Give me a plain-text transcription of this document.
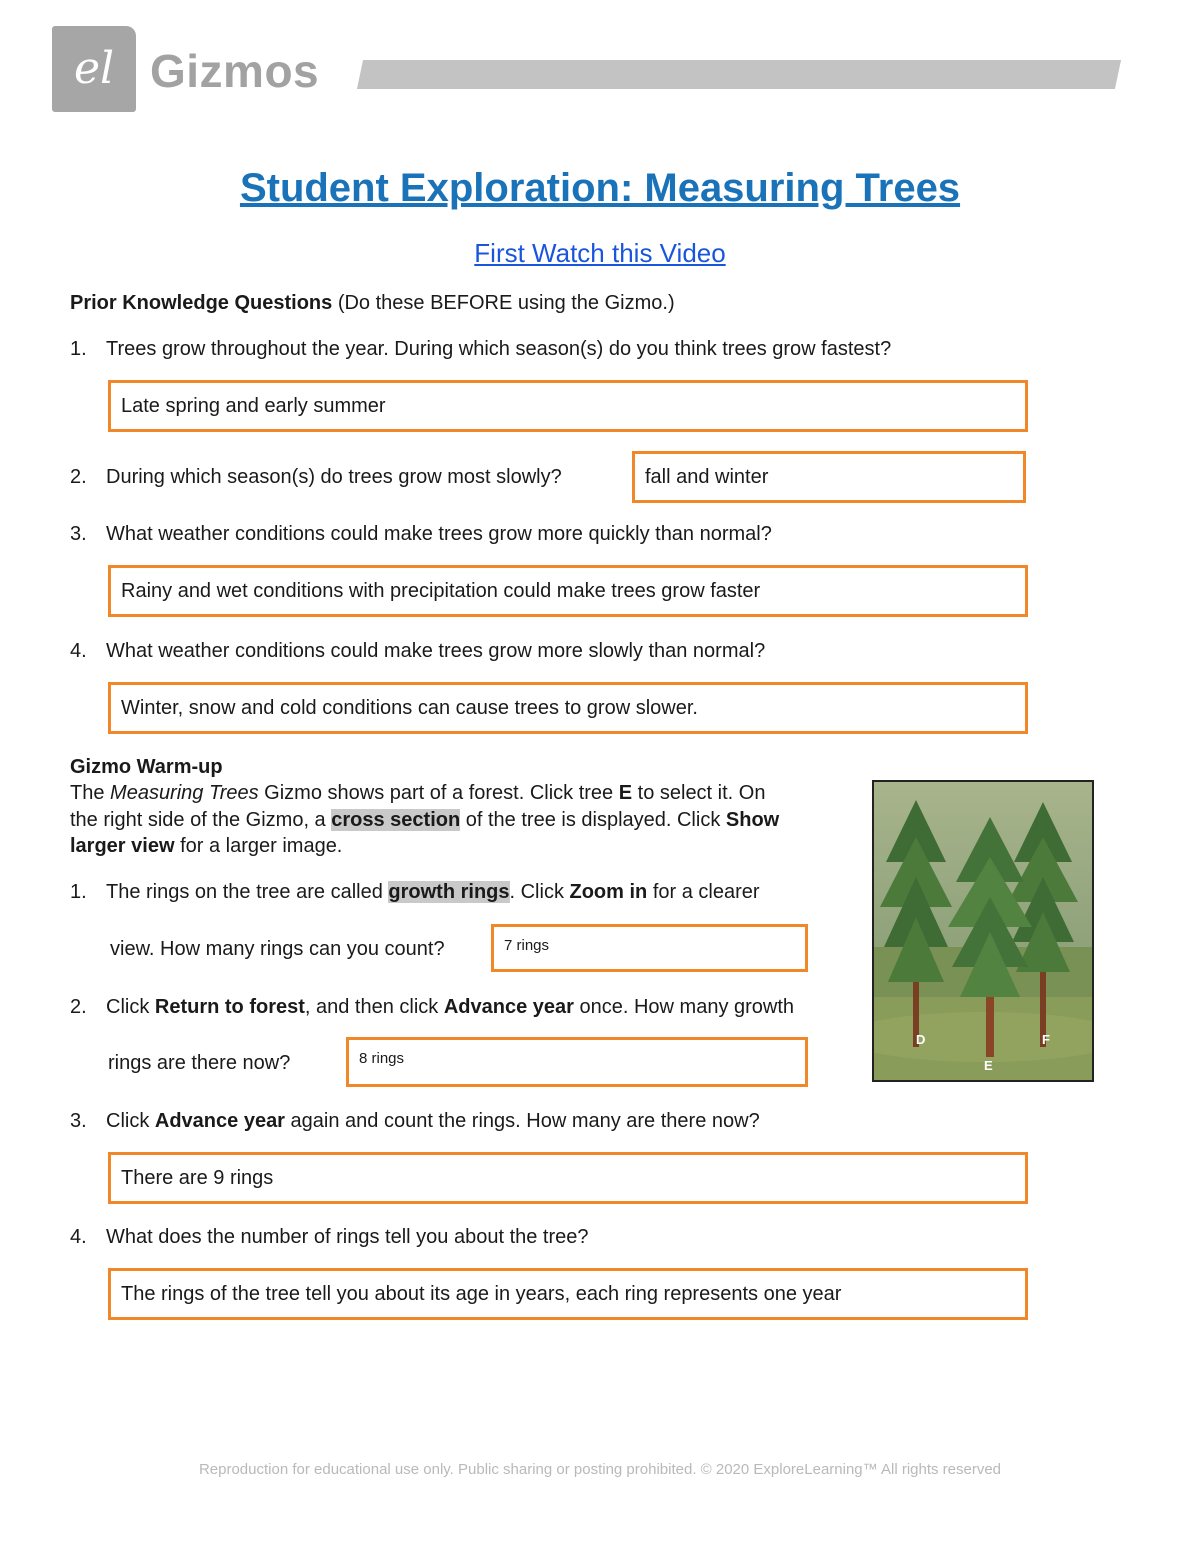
el Gizmos
Student Exploration: Measuring Trees
First Watch this Video
Prior Knowledge Questions (Do these BEFORE using the Gizmo.)
1. Trees grow throughout the year. During which season(s) do you think trees grow fastest?
Late spring and early summer
2. During which season(s) do trees grow most slowly?	fall and winter
3. What weather conditions could make trees grow more quickly than normal?
Rainy and wet conditions with precipitation could make trees grow faster
4. What weather conditions could make trees grow more slowly than normal?
Winter, snow and cold conditions can cause trees to grow slower.
Gizmo Warm-up
The Measuring Trees Gizmo shows part of a forest. Click tree E to select it. On
the right side of the Gizmo, a cross section of the tree is displayed. Click Show
larger view for a larger image.
1. The rings on the tree are called growth rings. Click Zoom in for a clearer
view. How many rings can you count?	7 rings
2. Click Return to forest, and then click Advance year once. How many growth
rings are there now?	8 rings
D
E
F
3. Click Advance year again and count the rings. How many are there now?
There are 9 rings
4. What does the number of rings tell you about the tree?
The rings of the tree tell you about its age in years, each ring represents one year
Reproduction for educational use only. Public sharing or posting prohibited. © 2020 ExploreLearning™ All rights reserved
